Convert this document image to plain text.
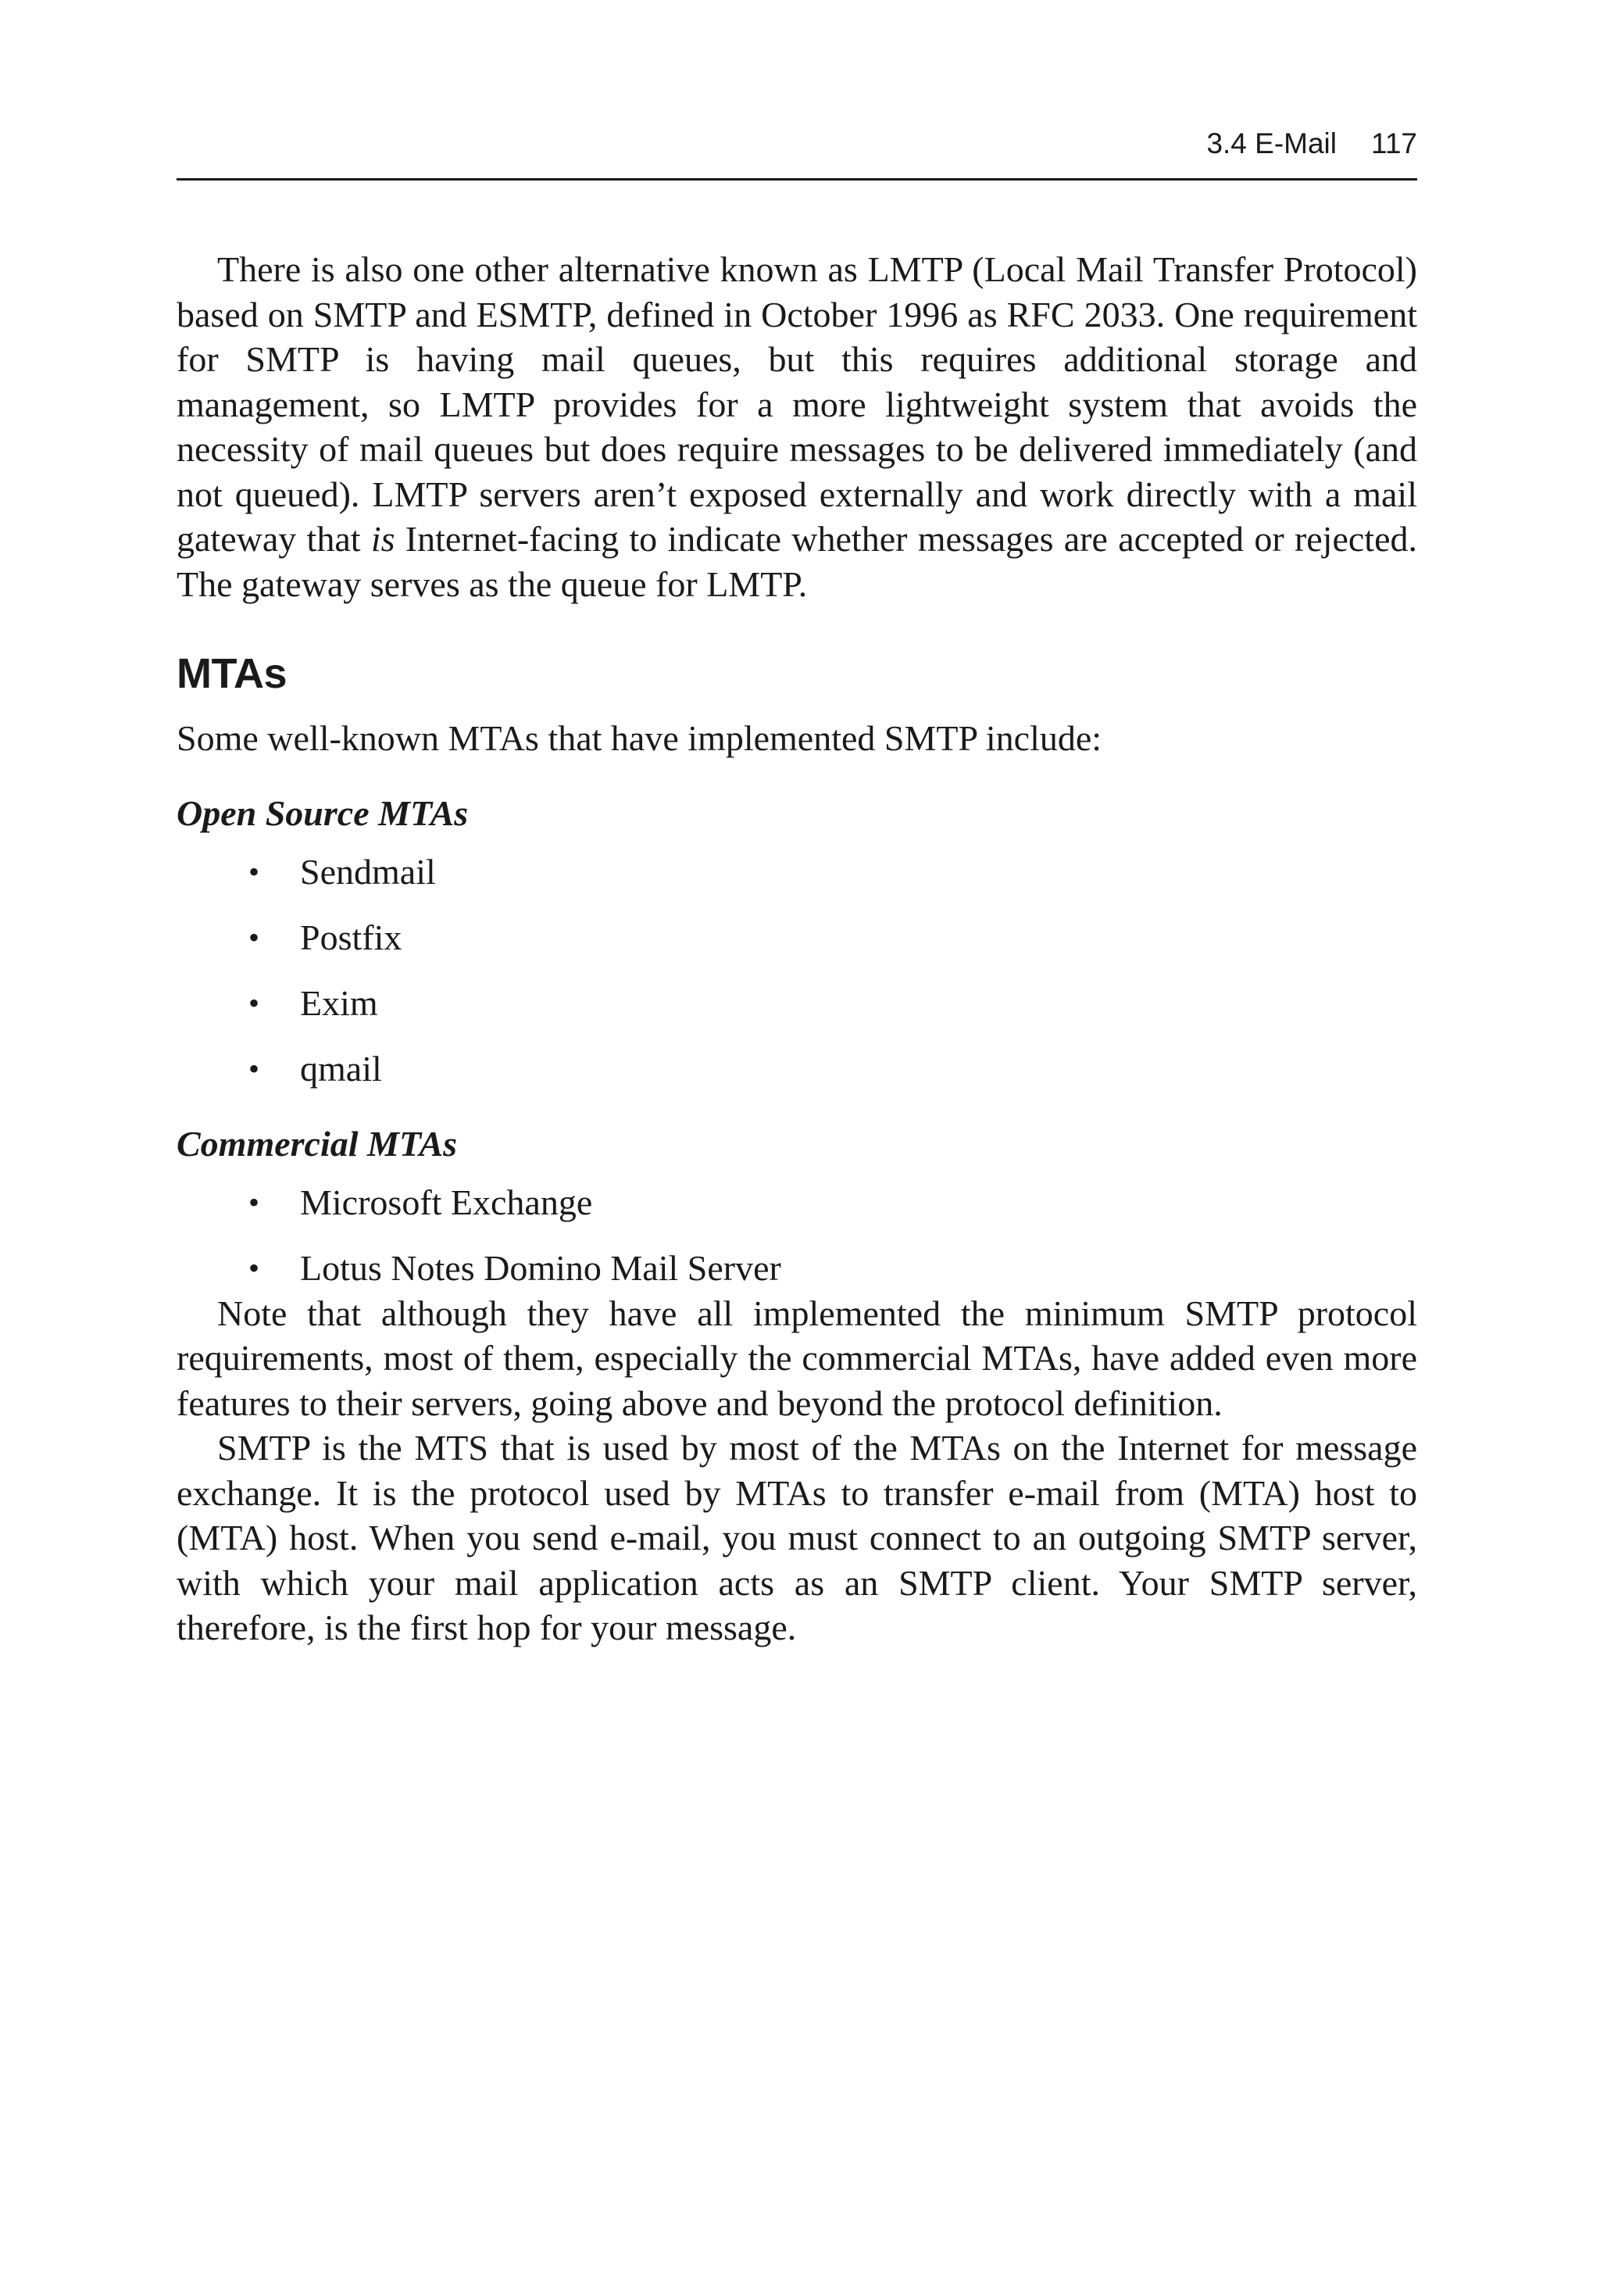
3.4 E-Mail 117

There is also one other alternative known as LMTP (Local Mail Transfer Protocol) based on SMTP and ESMTP, defined in October 1996 as RFC 2033. One requirement for SMTP is having mail queues, but this requires additional storage and management, so LMTP provides for a more lightweight system that avoids the necessity of mail queues but does require messages to be delivered immediately (and not queued). LMTP servers aren’t exposed externally and work directly with a mail gateway that is Internet-facing to indicate whether messages are accepted or rejected. The gateway serves as the queue for LMTP.

MTAs

Some well-known MTAs that have implemented SMTP include:

Open Source MTAs
• Sendmail
• Postfix
• Exim
• qmail
Commercial MTAs
• Microsoft Exchange
• Lotus Notes Domino Mail Server

Note that although they have all implemented the minimum SMTP protocol requirements, most of them, especially the commercial MTAs, have added even more features to their servers, going above and beyond the protocol definition.

SMTP is the MTS that is used by most of the MTAs on the Internet for message exchange. It is the protocol used by MTAs to transfer e-mail from (MTA) host to (MTA) host. When you send e-mail, you must connect to an outgoing SMTP server, with which your mail application acts as an SMTP client. Your SMTP server, therefore, is the first hop for your message.
